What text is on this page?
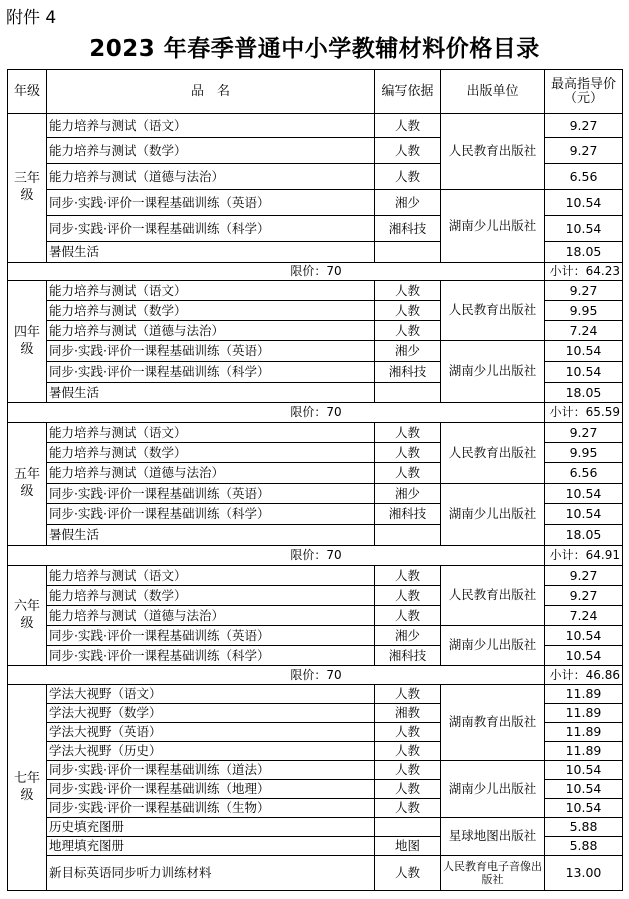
附件 4
2023 年春季普通中小学教辅材料价格目录
年级	品　名	编写依据	出版单位	最高指导价（元）
三年级	能力培养与测试（语文）	人教	人民教育出版社	9.27
	能力培养与测试（数学）	人教		9.27
	能力培养与测试（道德与法治）	人教		6.56
	同步·实践·评价一课程基础训练（英语）	湘少	湖南少儿出版社	10.54
	同步·实践·评价一课程基础训练（科学）	湘科技		10.54
	暑假生活			18.05
限价：70				小计：64.23
四年级	能力培养与测试（语文）	人教	人民教育出版社	9.27
	能力培养与测试（数学）	人教		9.95
	能力培养与测试（道德与法治）	人教		7.24
	同步·实践·评价一课程基础训练（英语）	湘少	湖南少儿出版社	10.54
	同步·实践·评价一课程基础训练（科学）	湘科技		10.54
	暑假生活			18.05
限价：70				小计：65.59
五年级	能力培养与测试（语文）	人教	人民教育出版社	9.27
	能力培养与测试（数学）	人教		9.95
	能力培养与测试（道德与法治）	人教		6.56
	同步·实践·评价一课程基础训练（英语）	湘少	湖南少儿出版社	10.54
	同步·实践·评价一课程基础训练（科学）	湘科技		10.54
	暑假生活			18.05
限价：70				小计：64.91
六年级	能力培养与测试（语文）	人教	人民教育出版社	9.27
	能力培养与测试（数学）	人教		9.27
	能力培养与测试（道德与法治）	人教		7.24
	同步·实践·评价一课程基础训练（英语）	湘少	湖南少儿出版社	10.54
	同步·实践·评价一课程基础训练（科学）	湘科技		10.54
限价：70				小计：46.86
七年级	学法大视野（语文）	人教	湖南教育出版社	11.89
	学法大视野（数学）	湘教		11.89
	学法大视野（英语）	人教		11.89
	学法大视野（历史）	人教		11.89
	同步·实践·评价一课程基础训练（道法）	人教	湖南少儿出版社	10.54
	同步·实践·评价一课程基础训练（地理）	人教		10.54
	同步·实践·评价一课程基础训练（生物）	人教		10.54
	历史填充图册		星球地图出版社	5.88
	地理填充图册	地图		5.88
	新目标英语同步听力训练材料	人教	人民教育电子音像出版社	13.00
